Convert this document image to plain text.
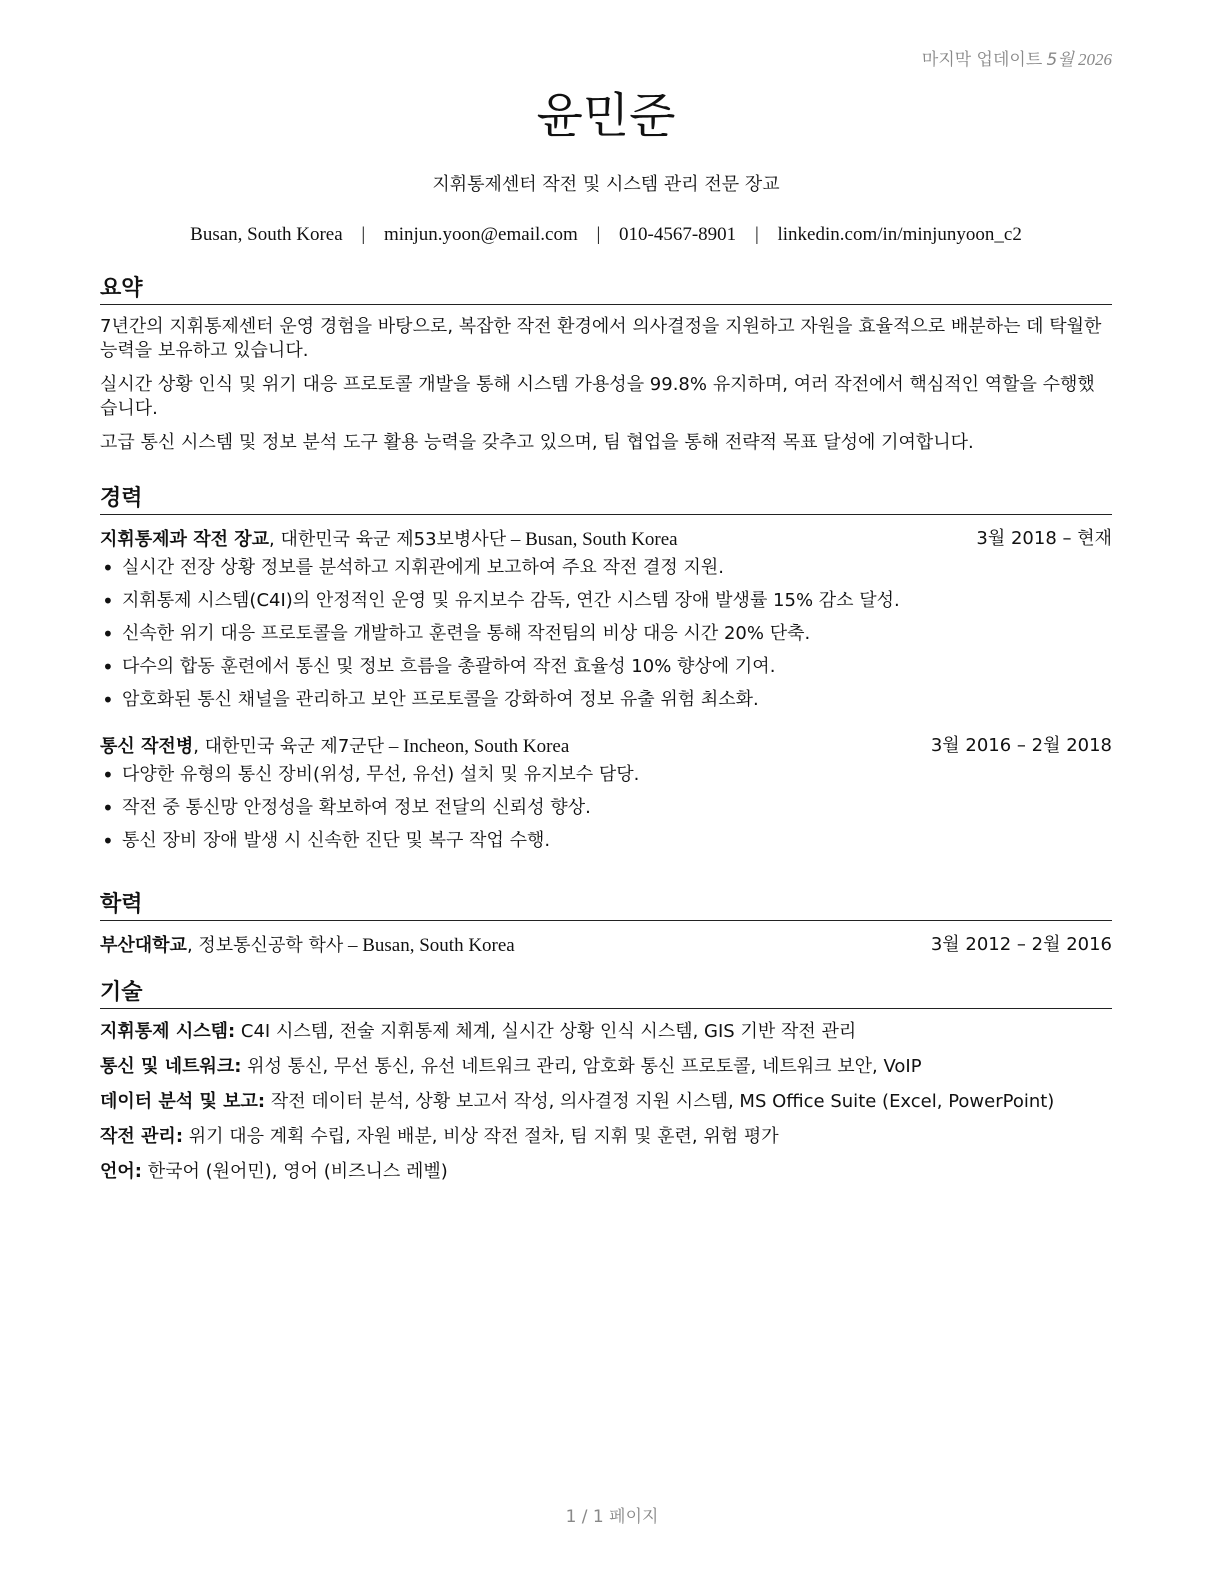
마지막 업데이트 5월 2026
윤민준
지휘통제센터 작전 및 시스템 관리 전문 장교
Busan, South Korea | minjun.yoon@email.com | 010-4567-8901 | linkedin.com/in/minjunyoon_c2
요약
7년간의 지휘통제센터 운영 경험을 바탕으로, 복잡한 작전 환경에서 의사결정을 지원하고 자원을 효율적으로 배분하는 데 탁월한 능력을 보유하고 있습니다.
실시간 상황 인식 및 위기 대응 프로토콜 개발을 통해 시스템 가용성을 99.8% 유지하며, 여러 작전에서 핵심적인 역할을 수행했습니다.
고급 통신 시스템 및 정보 분석 도구 활용 능력을 갖추고 있으며, 팀 협업을 통해 전략적 목표 달성에 기여합니다.
경력
지휘통제과 작전 장교, 대한민국 육군 제53보병사단 – Busan, South Korea	3월 2018 – 현재
• 실시간 전장 상황 정보를 분석하고 지휘관에게 보고하여 주요 작전 결정 지원.
• 지휘통제 시스템(C4I)의 안정적인 운영 및 유지보수 감독, 연간 시스템 장애 발생률 15% 감소 달성.
• 신속한 위기 대응 프로토콜을 개발하고 훈련을 통해 작전팀의 비상 대응 시간 20% 단축.
• 다수의 합동 훈련에서 통신 및 정보 흐름을 총괄하여 작전 효율성 10% 향상에 기여.
• 암호화된 통신 채널을 관리하고 보안 프로토콜을 강화하여 정보 유출 위험 최소화.
통신 작전병, 대한민국 육군 제7군단 – Incheon, South Korea	3월 2016 – 2월 2018
• 다양한 유형의 통신 장비(위성, 무선, 유선) 설치 및 유지보수 담당.
• 작전 중 통신망 안정성을 확보하여 정보 전달의 신뢰성 향상.
• 통신 장비 장애 발생 시 신속한 진단 및 복구 작업 수행.
학력
부산대학교, 정보통신공학 학사 – Busan, South Korea	3월 2012 – 2월 2016
기술
지휘통제 시스템: C4I 시스템, 전술 지휘통제 체계, 실시간 상황 인식 시스템, GIS 기반 작전 관리
통신 및 네트워크: 위성 통신, 무선 통신, 유선 네트워크 관리, 암호화 통신 프로토콜, 네트워크 보안, VoIP
데이터 분석 및 보고: 작전 데이터 분석, 상황 보고서 작성, 의사결정 지원 시스템, MS Office Suite (Excel, PowerPoint)
작전 관리: 위기 대응 계획 수립, 자원 배분, 비상 작전 절차, 팀 지휘 및 훈련, 위험 평가
언어: 한국어 (원어민), 영어 (비즈니스 레벨)
1 / 1 페이지
